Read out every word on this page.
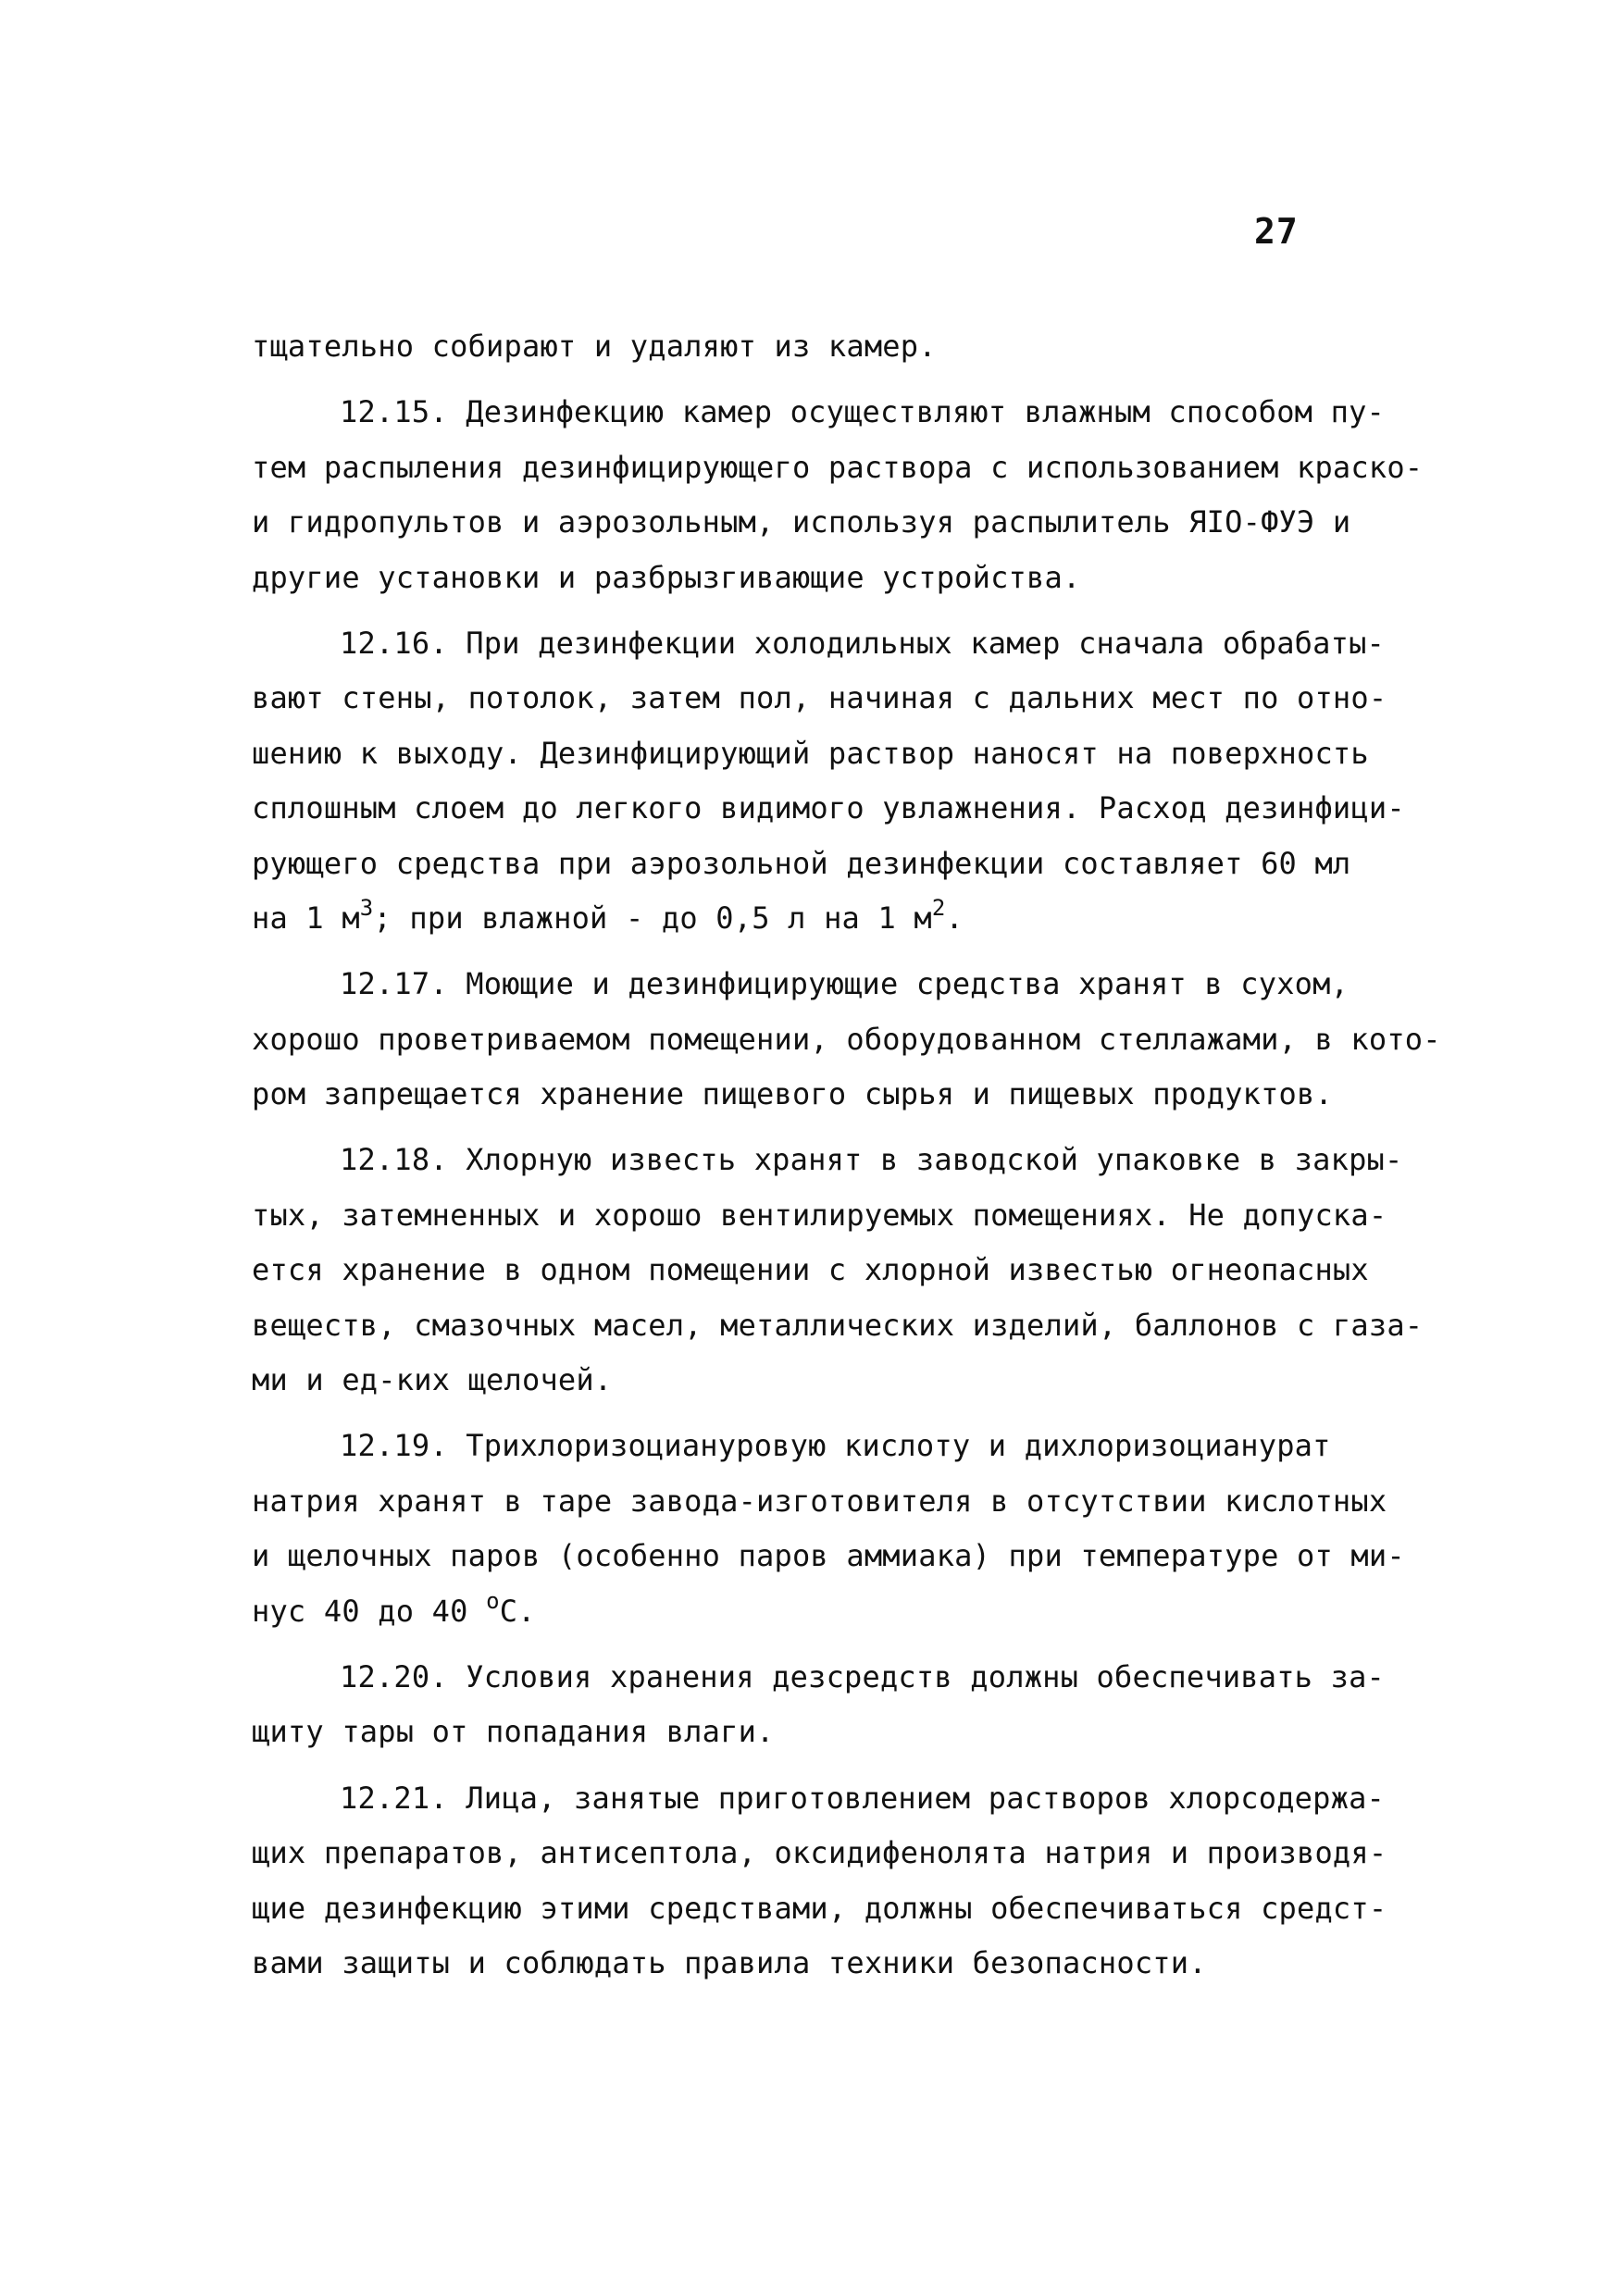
27
тщательно собирают и удаляют из камер.
12.15. Дезинфекцию камер осуществляют влажным способом пу-
тем распыления дезинфицирующего раствора с использованием краско-
и гидропультов и аэрозольным, используя распылитель ЯІО-ФУЭ и
другие установки и разбрызгивающие устройства.
12.16. При дезинфекции холодильных камер сначала обрабаты-
вают стены, потолок, затем пол, начиная с дальних мест по отно-
шению к выходу. Дезинфицирующий раствор наносят на поверхность
сплошным слоем до легкого видимого увлажнения. Расход дезинфици-
рующего средства при аэрозольной дезинфекции составляет 60 мл
на 1 $м^3$; при влажной - до 0,5 л на 1 $м^2$.
12.17. Моющие и дезинфицирующие средства хранят в сухом,
хорошо проветриваемом помещении, оборудованном стеллажами, в кото-
ром запрещается хранение пищевого сырья и пищевых продуктов.
12.18. Хлорную известь хранят в заводской упаковке в закры-
тых, затемненных и хорошо вентилируемых помещениях. Не допуска-
ется хранение в одном помещении с хлорной известью огнеопасных
веществ, смазочных масел, металлических изделий, баллонов с газа-
ми и ед-ких щелочей.
12.19. Трихлоризоциануровую кислоту и дихлоризоцианурат
натрия хранят в таре завода-изготовителя в отсутствии кислотных
и щелочных паров (особенно паров аммиака) при температуре от ми-
нус 40 до 40 $^о$С.
12.20. Условия хранения дезсредств должны обеспечивать за-
щиту тары от попадания влаги.
12.21. Лица, занятые приготовлением растворов хлорсодержа-
щих препаратов, антисептола, оксидифенолята натрия и производя-
щие дезинфекцию этими средствами, должны обеспечиваться средст-
вами защиты и соблюдать правила техники безопасности.
